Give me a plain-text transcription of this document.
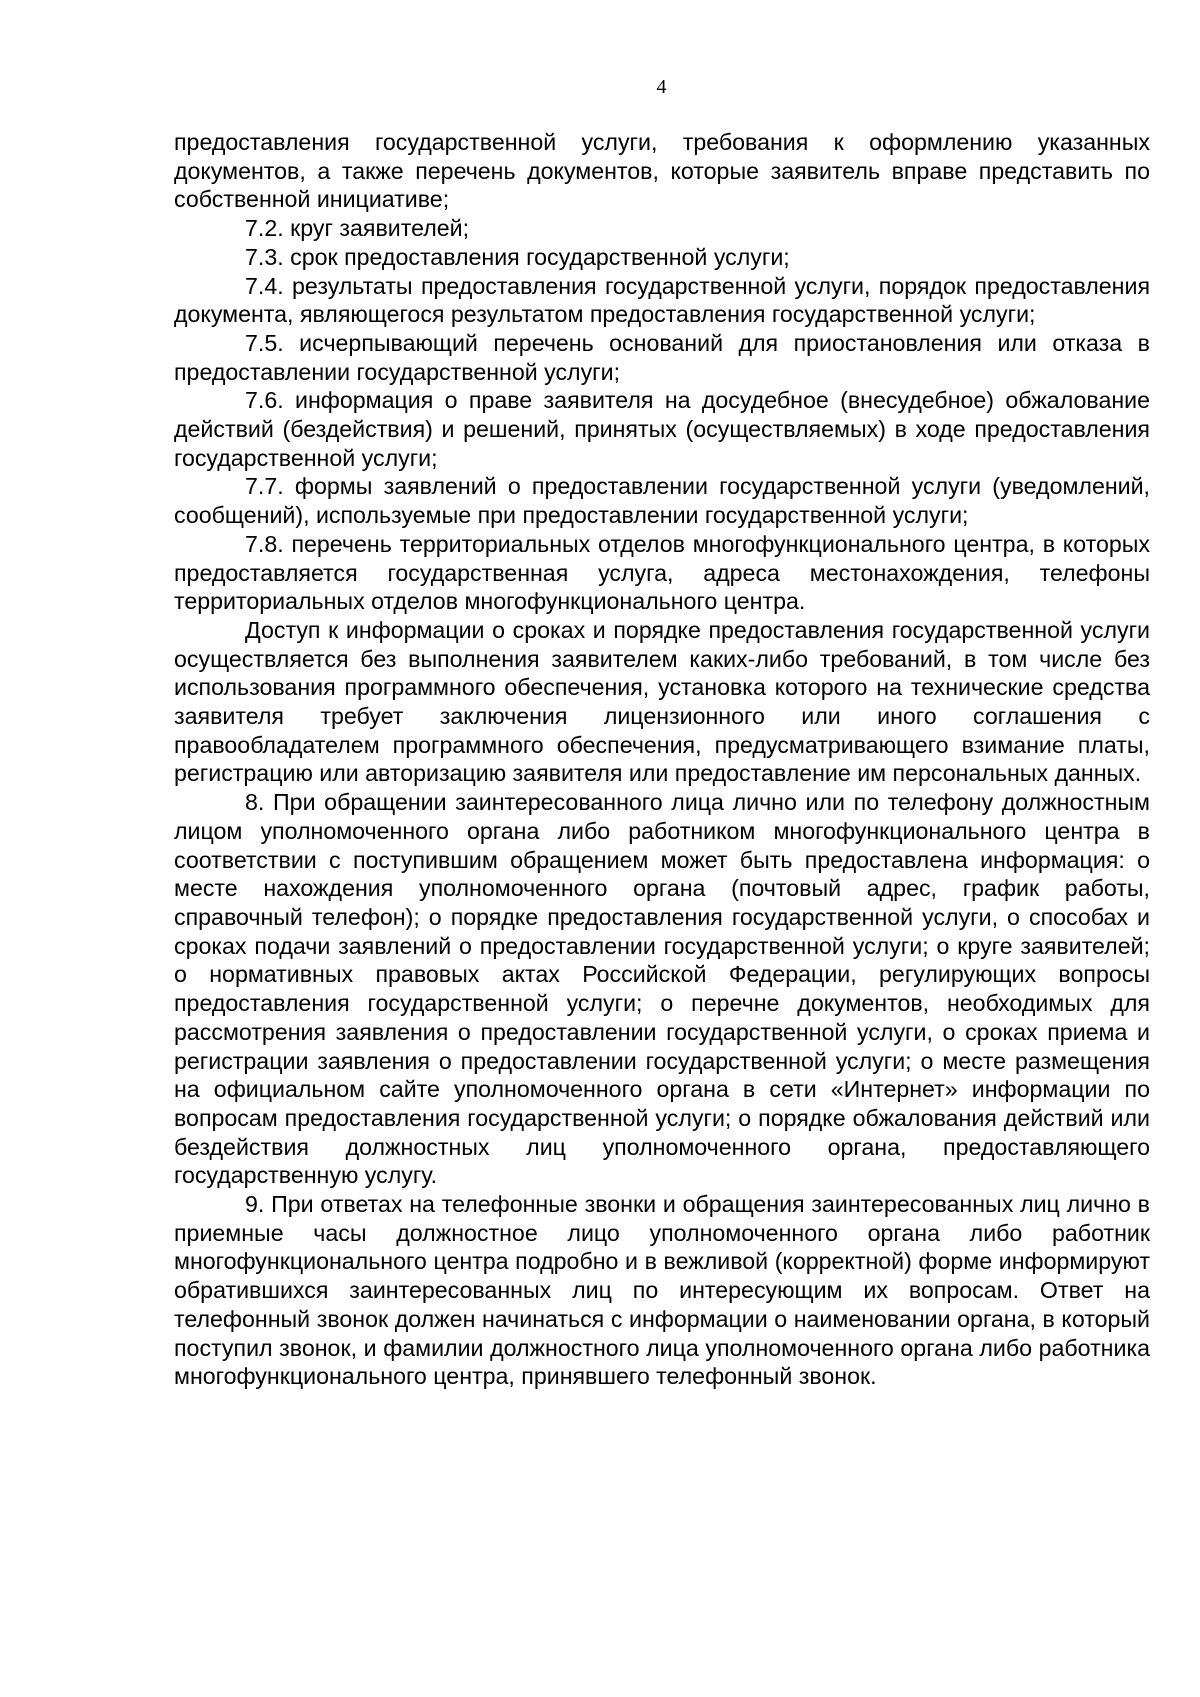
4

предоставления государственной услуги, требования к оформлению указанных документов, а также перечень документов, которые заявитель вправе представить по собственной инициативе;

7.2. круг заявителей;

7.3. срок предоставления государственной услуги;

7.4. результаты предоставления государственной услуги, порядок предоставления документа, являющегося результатом предоставления государственной услуги;

7.5. исчерпывающий перечень оснований для приостановления или отказа в предоставлении государственной услуги;

7.6. информация о праве заявителя на досудебное (внесудебное) обжалование действий (бездействия) и решений, принятых (осуществляемых) в ходе предоставления государственной услуги;

7.7. формы заявлений о предоставлении государственной услуги (уведомлений, сообщений), используемые при предоставлении государственной услуги;

7.8. перечень территориальных отделов многофункционального центра, в которых предоставляется государственная услуга, адреса местонахождения, телефоны территориальных отделов многофункционального центра.

Доступ к информации о сроках и порядке предоставления государственной услуги осуществляется без выполнения заявителем каких-либо требований, в том числе без использования программного обеспечения, установка которого на технические средства заявителя требует заключения лицензионного или иного соглашения с правообладателем программного обеспечения, предусматривающего взимание платы, регистрацию или авторизацию заявителя или предоставление им персональных данных.

8. При обращении заинтересованного лица лично или по телефону должностным лицом уполномоченного органа либо работником многофункционального центра в соответствии с поступившим обращением может быть предоставлена информация: о месте нахождения уполномоченного органа (почтовый адрес, график работы, справочный телефон); о порядке предоставления государственной услуги, о способах и сроках подачи заявлений о предоставлении государственной услуги; о круге заявителей; о нормативных правовых актах Российской Федерации, регулирующих вопросы предоставления государственной услуги; о перечне документов, необходимых для рассмотрения заявления о предоставлении государственной услуги, о сроках приема и регистрации заявления о предоставлении государственной услуги; о месте размещения на официальном сайте уполномоченного органа в сети «Интернет» информации по вопросам предоставления государственной услуги; о порядке обжалования действий или бездействия должностных лиц уполномоченного органа, предоставляющего государственную услугу.

9. При ответах на телефонные звонки и обращения заинтересованных лиц лично в приемные часы должностное лицо уполномоченного органа либо работник многофункционального центра подробно и в вежливой (корректной) форме информируют обратившихся заинтересованных лиц по интересующим их вопросам. Ответ на телефонный звонок должен начинаться с информации о наименовании органа, в который поступил звонок, и фамилии должностного лица уполномоченного органа либо работника многофункционального центра, принявшего телефонный звонок.
